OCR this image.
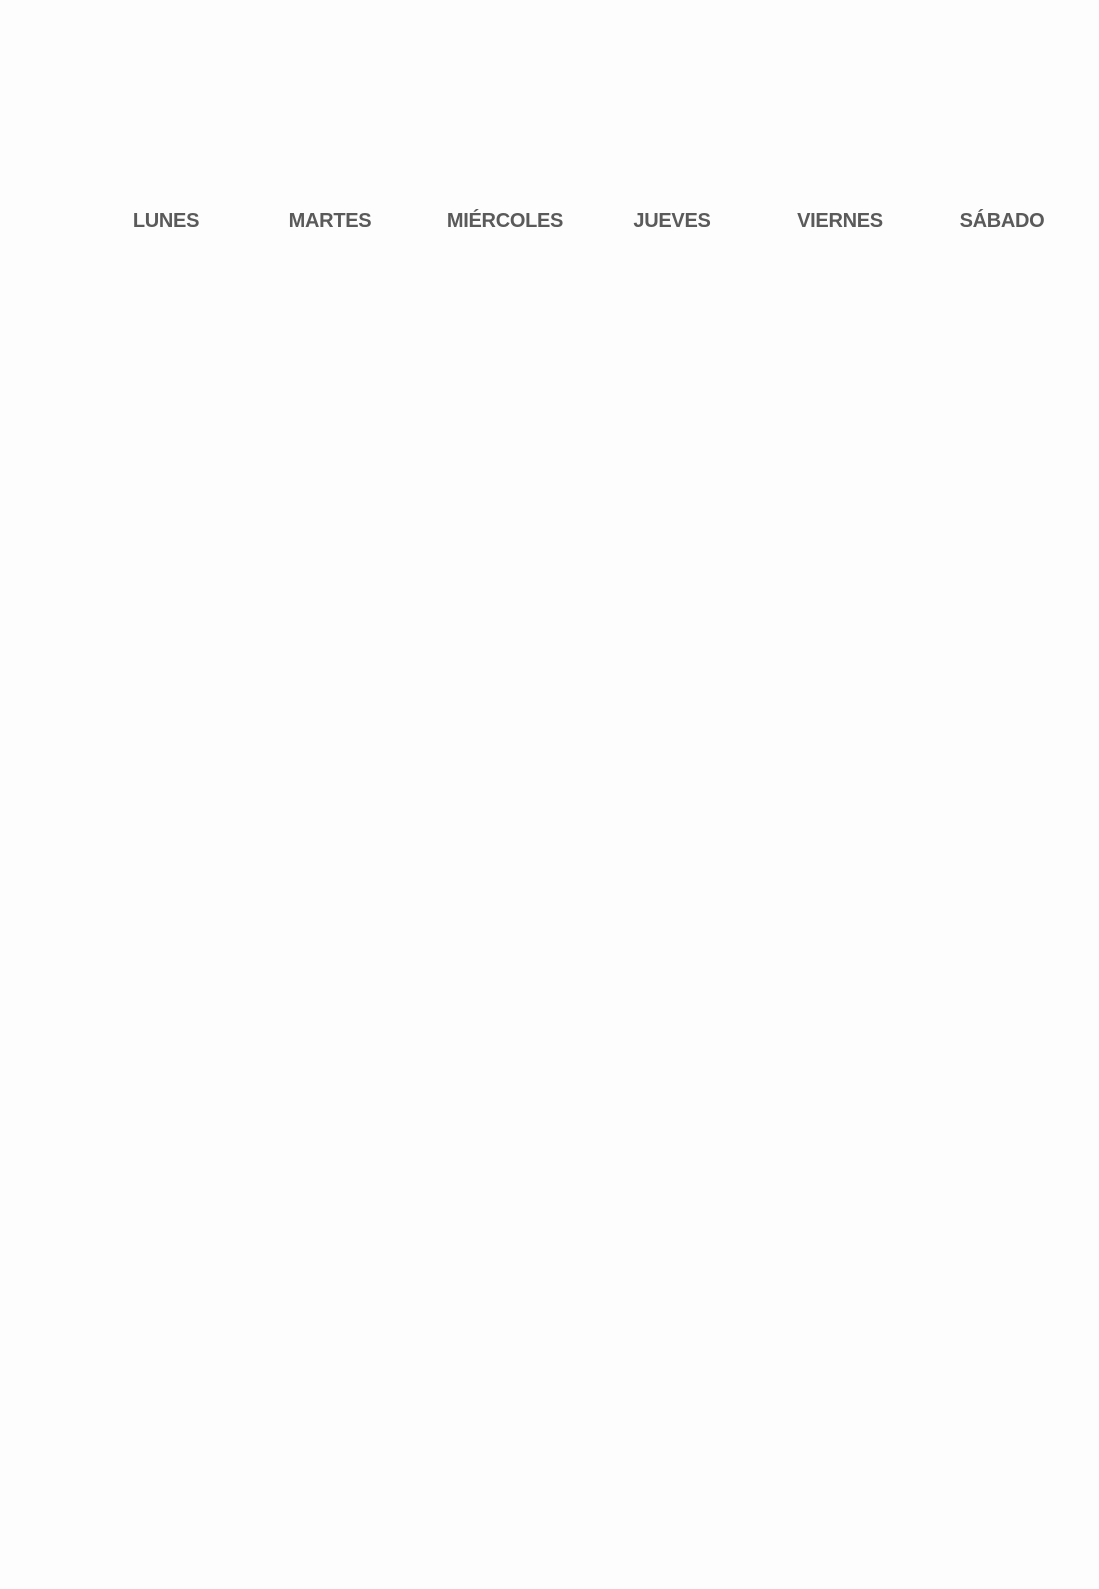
LUNES	MARTES	MIÉRCOLES	JUEVES	VIERNES	SÁBADO
